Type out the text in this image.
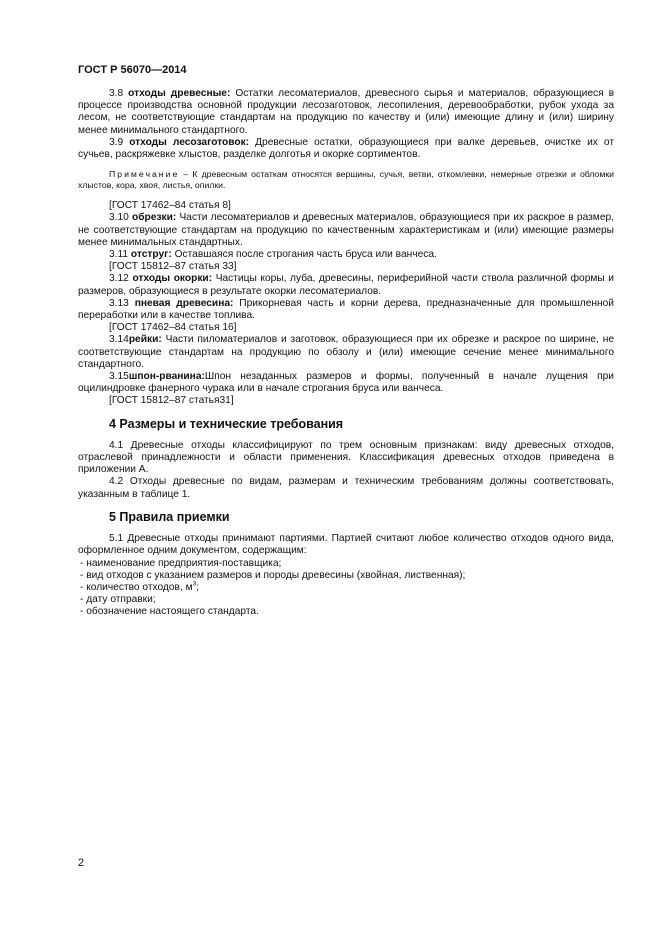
ГОСТ Р 56070—2014

3.8 отходы древесные: Остатки лесоматериалов, древесного сырья и материалов, образующиеся в процессе производства основной продукции лесозаготовок, лесопиления, деревообработки, рубок ухода за лесом, не соответствующие стандартам на продукцию по качеству и (или) имеющие длину и (или) ширину менее минимального стандартного.

3.9 отходы лесозаготовок: Древесные остатки, образующиеся при валке деревьев, очистке их от сучьев, раскряжевке хлыстов, разделке долготья и окорке сортиментов.

Примечание – К древесным остаткам относятся вершины, сучья, ветви, откомлевки, немерные отрезки и обломки хлыстов, кора, хвоя, листья, опилки.

[ГОСТ 17462–84 статья 8]

3.10 обрезки: Части лесоматериалов и древесных материалов, образующиеся при их раскрое в размер, не соответствующие стандартам на продукцию по качественным характеристикам и (или) имеющие размеры менее минимальных стандартных.

3.11 отструг: Оставшаяся после строгания часть бруса или ванчеса.

[ГОСТ 15812–87 статья 33]

3.12 отходы окорки: Частицы коры, луба, древесины, периферийной части ствола различной формы и размеров, образующиеся в результате окорки лесоматериалов.

3.13 пневая древесина: Прикорневая часть и корни дерева, предназначенные для промышленной переработки или в качестве топлива.

[ГОСТ 17462–84 статья 16]

3.14рейки: Части пиломатериалов и заготовок, образующиеся при их обрезке и раскрое по ширине, не соответствующие стандартам на продукцию по обзолу и (или) имеющие сечение менее минимального стандартного.

3.15шпон-рванина:Шпон незаданных размеров и формы, полученный в начале лущения при оцилиндровке фанерного чурака или в начале строгания бруса или ванчеса.

[ГОСТ 15812–87 статья31]

4 Размеры и технические требования

4.1 Древесные отходы классифицируют по трем основным признакам: виду древесных отходов, отраслевой принадлежности и области применения. Классификация древесных отходов приведена в приложении А.

4.2 Отходы древесные по видам, размерам и техническим требованиям должны соответствовать, указанным в таблице 1.

5 Правила приемки

5.1 Древесные отходы принимают партиями. Партией считают любое количество отходов одного вида, оформленное одним документом, содержащим:

- наименование предприятия-поставщика;

- вид отходов с указанием размеров и породы древесины (хвойная, лиственная);

- количество отходов, $м^3$;

- дату отправки;

- обозначение настоящего стандарта.

2
